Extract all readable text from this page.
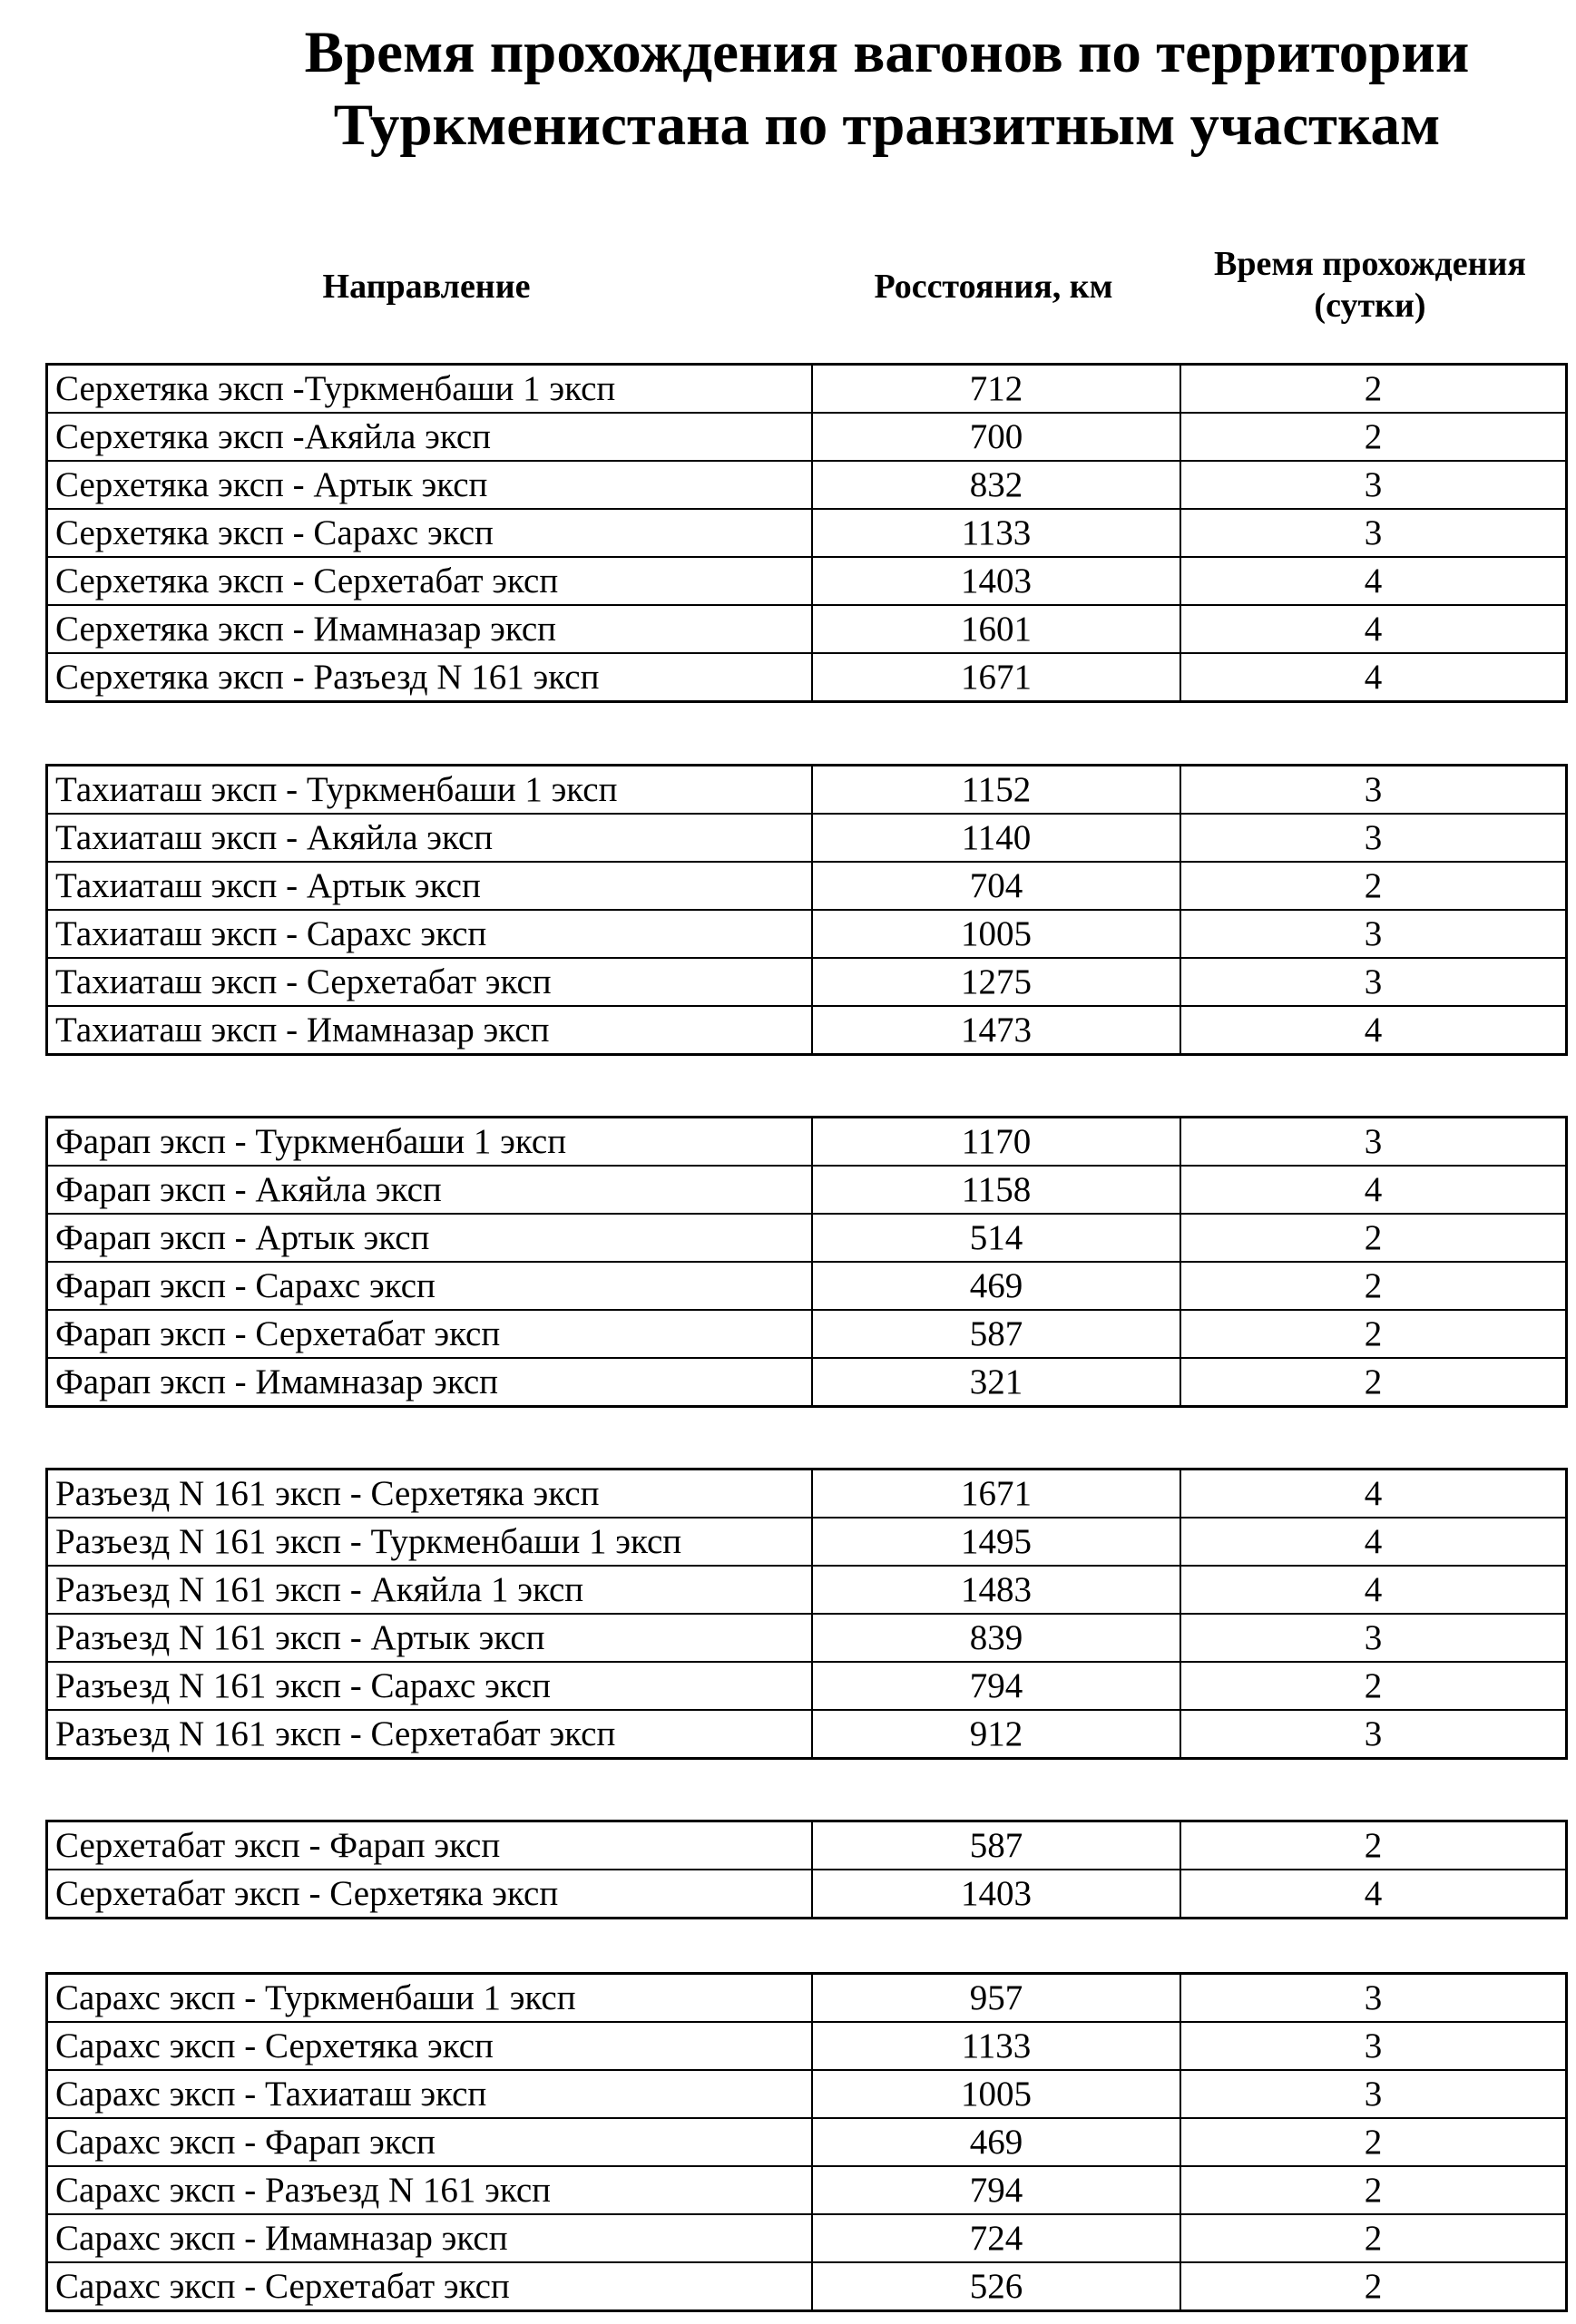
Время прохождения вагонов по территории
Туркменистана по транзитным участкам
Направление	Росстояния, км
Время прохождения
(сутки)
Серхетяка эксп -Туркменбаши 1 эксп	712	2
Серхетяка эксп -Акяйла эксп	700	2
Серхетяка эксп - Артык эксп	832	3
Серхетяка эксп - Сарахс эксп	1133	3
Серхетяка эксп - Серхетабат эксп	1403	4
Серхетяка эксп - Имамназар эксп	1601	4
Серхетяка эксп - Разъезд N 161 эксп	1671	4
Тахиаташ эксп - Туркменбаши 1 эксп	1152	3
Тахиаташ эксп - Акяйла эксп	1140	3
Тахиаташ эксп - Артык эксп	704	2
Тахиаташ эксп - Сарахс эксп	1005	3
Тахиаташ эксп - Серхетабат эксп	1275	3
Тахиаташ эксп - Имамназар эксп	1473	4
Фарап эксп - Туркменбаши 1 эксп	1170	3
Фарап эксп - Акяйла эксп	1158	4
Фарап эксп - Артык эксп	514	2
Фарап эксп - Сарахс эксп	469	2
Фарап эксп - Серхетабат эксп	587	2
Фарап эксп - Имамназар эксп	321	2
Разъезд N 161 эксп - Серхетяка эксп	1671	4
Разъезд N 161 эксп - Туркменбаши 1 эксп	1495	4
Разъезд N 161 эксп - Акяйла 1 эксп	1483	4
Разъезд N 161 эксп - Артык эксп	839	3
Разъезд N 161 эксп - Сарахс эксп	794	2
Разъезд N 161 эксп - Серхетабат эксп	912	3
Серхетабат эксп - Фарап эксп	587	2
Серхетабат эксп - Серхетяка эксп	1403	4
Сарахс эксп - Туркменбаши 1 эксп	957	3
Сарахс эксп - Серхетяка эксп	1133	3
Сарахс эксп - Тахиаташ эксп	1005	3
Сарахс эксп - Фарап эксп	469	2
Сарахс эксп - Разъезд N 161 эксп	794	2
Сарахс эксп - Имамназар эксп	724	2
Сарахс эксп - Серхетабат эксп	526	2
